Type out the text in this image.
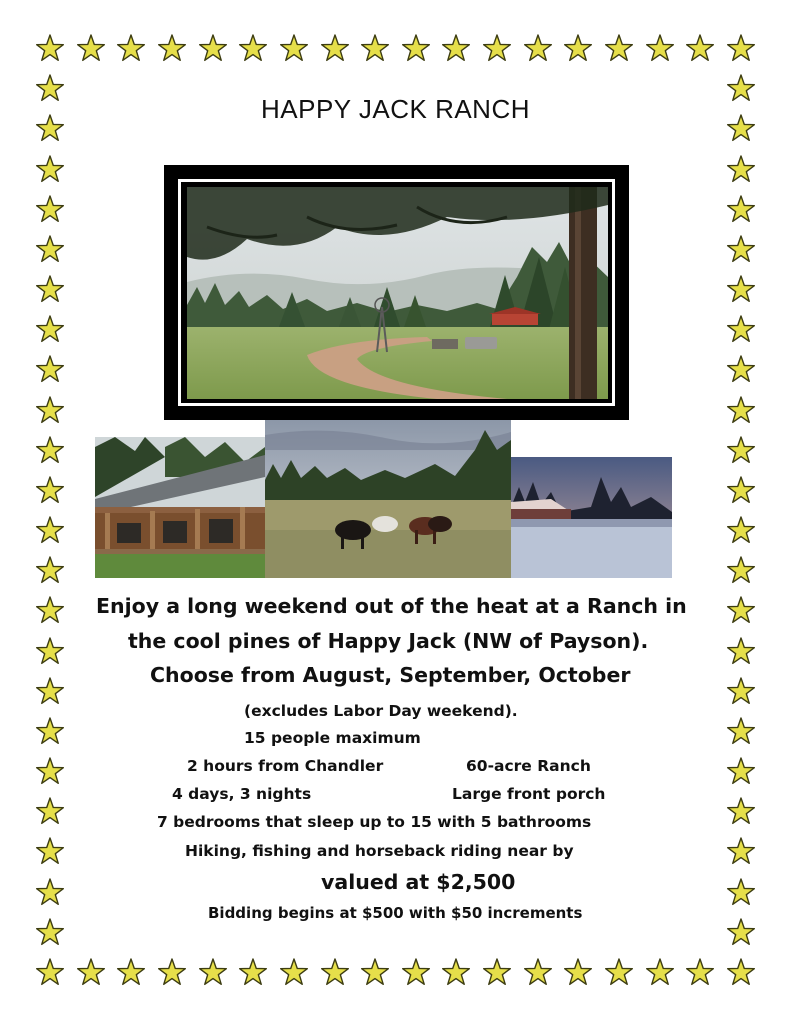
HAPPY JACK RANCH
Enjoy a long weekend out of the heat at a Ranch in
the cool pines of Happy Jack (NW of Payson).
Choose from August, September, October
(excludes Labor Day weekend).
15 people maximum
2 hours from Chandler	60-acre Ranch
4 days, 3 nights	Large front porch
7 bedrooms that sleep up to 15 with 5 bathrooms
Hiking, fishing and horseback riding near by
valued at $2,500
Bidding begins at $500 with $50 increments
